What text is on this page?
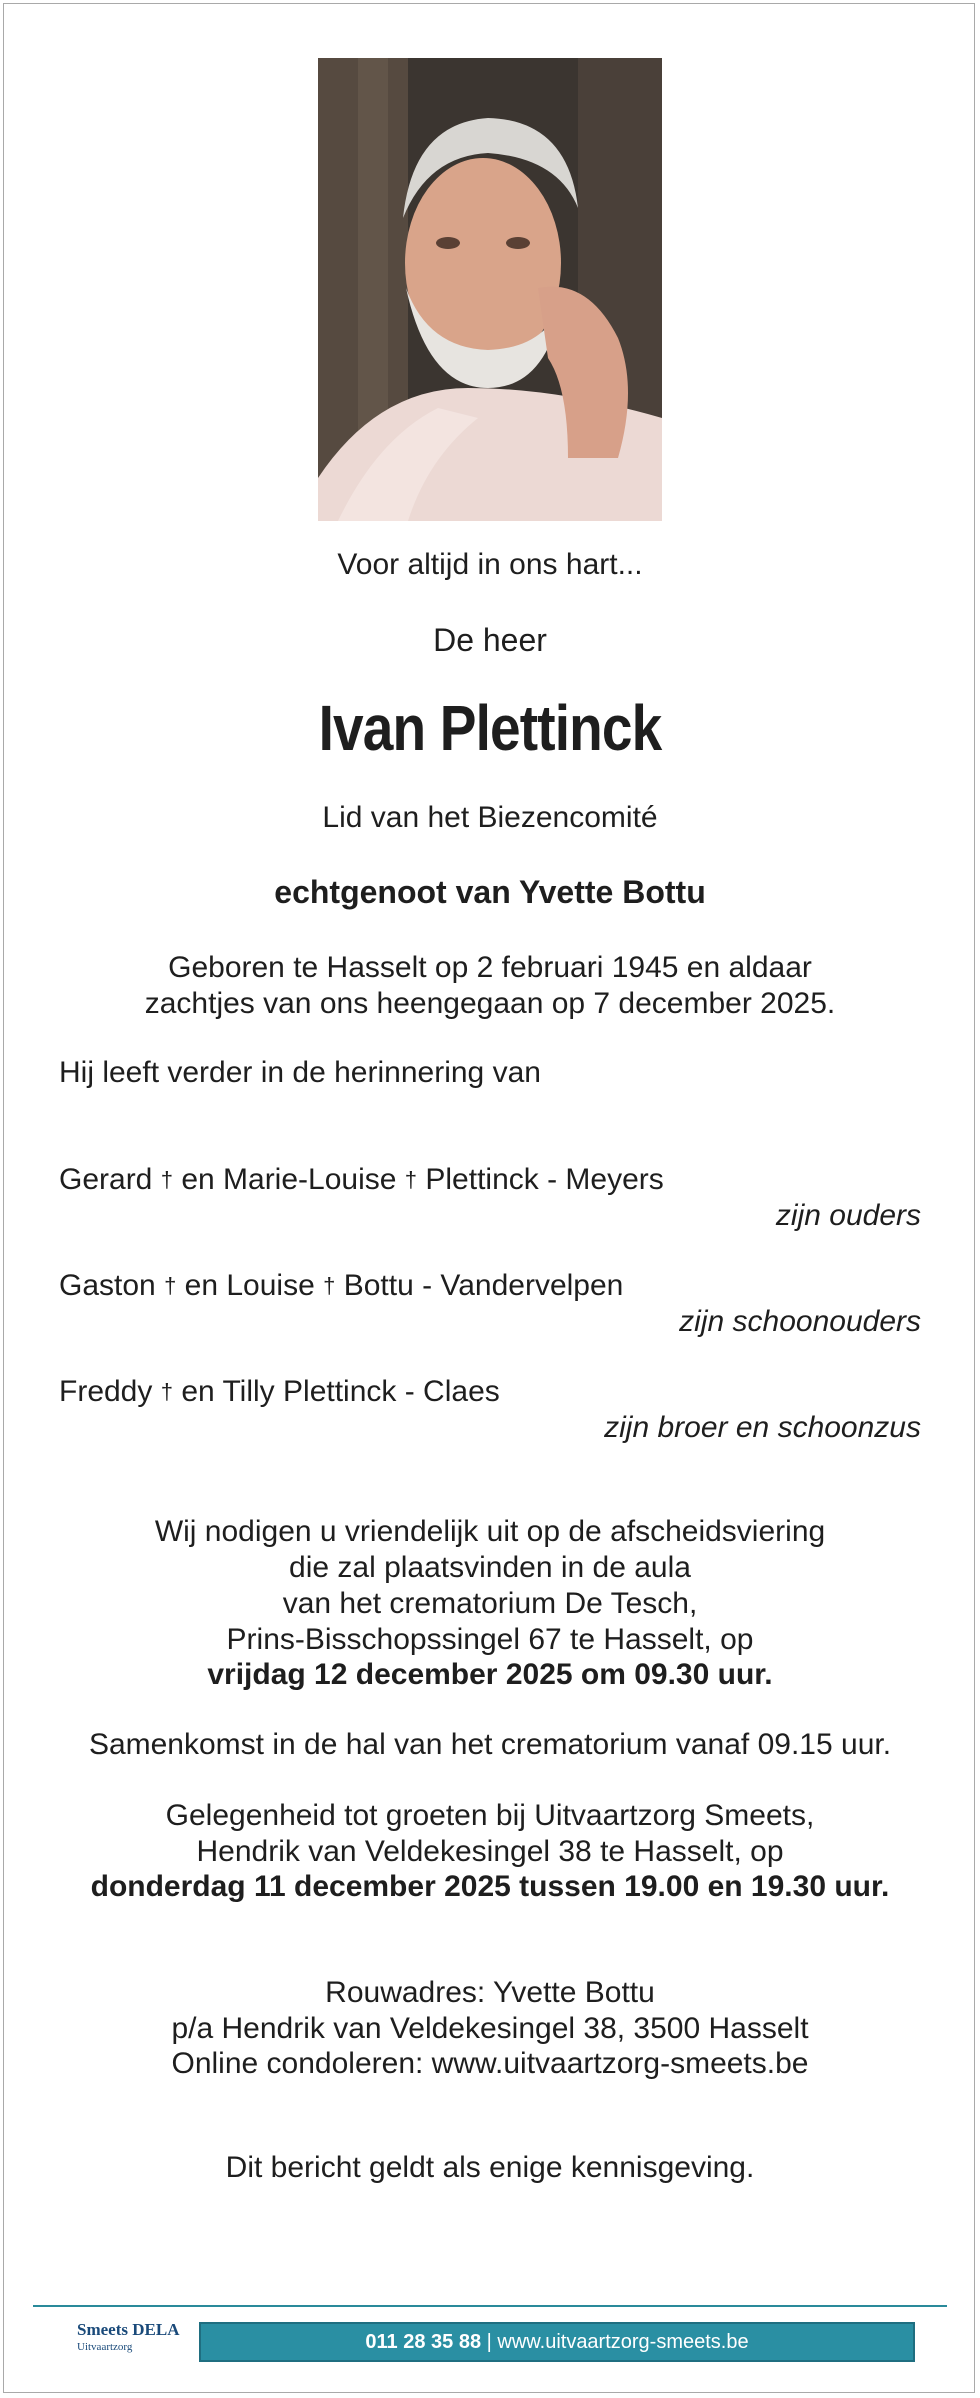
Voor altijd in ons hart...
De heer
Ivan Plettinck
Lid van het Biezencomité
echtgenoot van Yvette Bottu
Geboren te Hasselt op 2 februari 1945 en aldaar
zachtjes van ons heengegaan op 7 december 2025.
Hij leeft verder in de herinnering van
Gerard † en Marie-Louise † Plettinck - Meyers
zijn ouders
Gaston † en Louise † Bottu - Vandervelpen
zijn schoonouders
Freddy † en Tilly Plettinck - Claes
zijn broer en schoonzus
Wij nodigen u vriendelijk uit op de afscheidsviering
die zal plaatsvinden in de aula
van het crematorium De Tesch,
Prins-Bisschopssingel 67 te Hasselt, op
vrijdag 12 december 2025 om 09.30 uur.
Samenkomst in de hal van het crematorium vanaf 09.15 uur.
Gelegenheid tot groeten bij Uitvaartzorg Smeets,
Hendrik van Veldekesingel 38 te Hasselt, op
donderdag 11 december 2025 tussen 19.00 en 19.30 uur.
Rouwadres: Yvette Bottu
p/a Hendrik van Veldekesingel 38, 3500 Hasselt
Online condoleren: www.uitvaartzorg-smeets.be
Dit bericht geldt als enige kennisgeving.
Smeets DELA
Uitvaartzorg	011 28 35 88 | www.uitvaartzorg-smeets.be
